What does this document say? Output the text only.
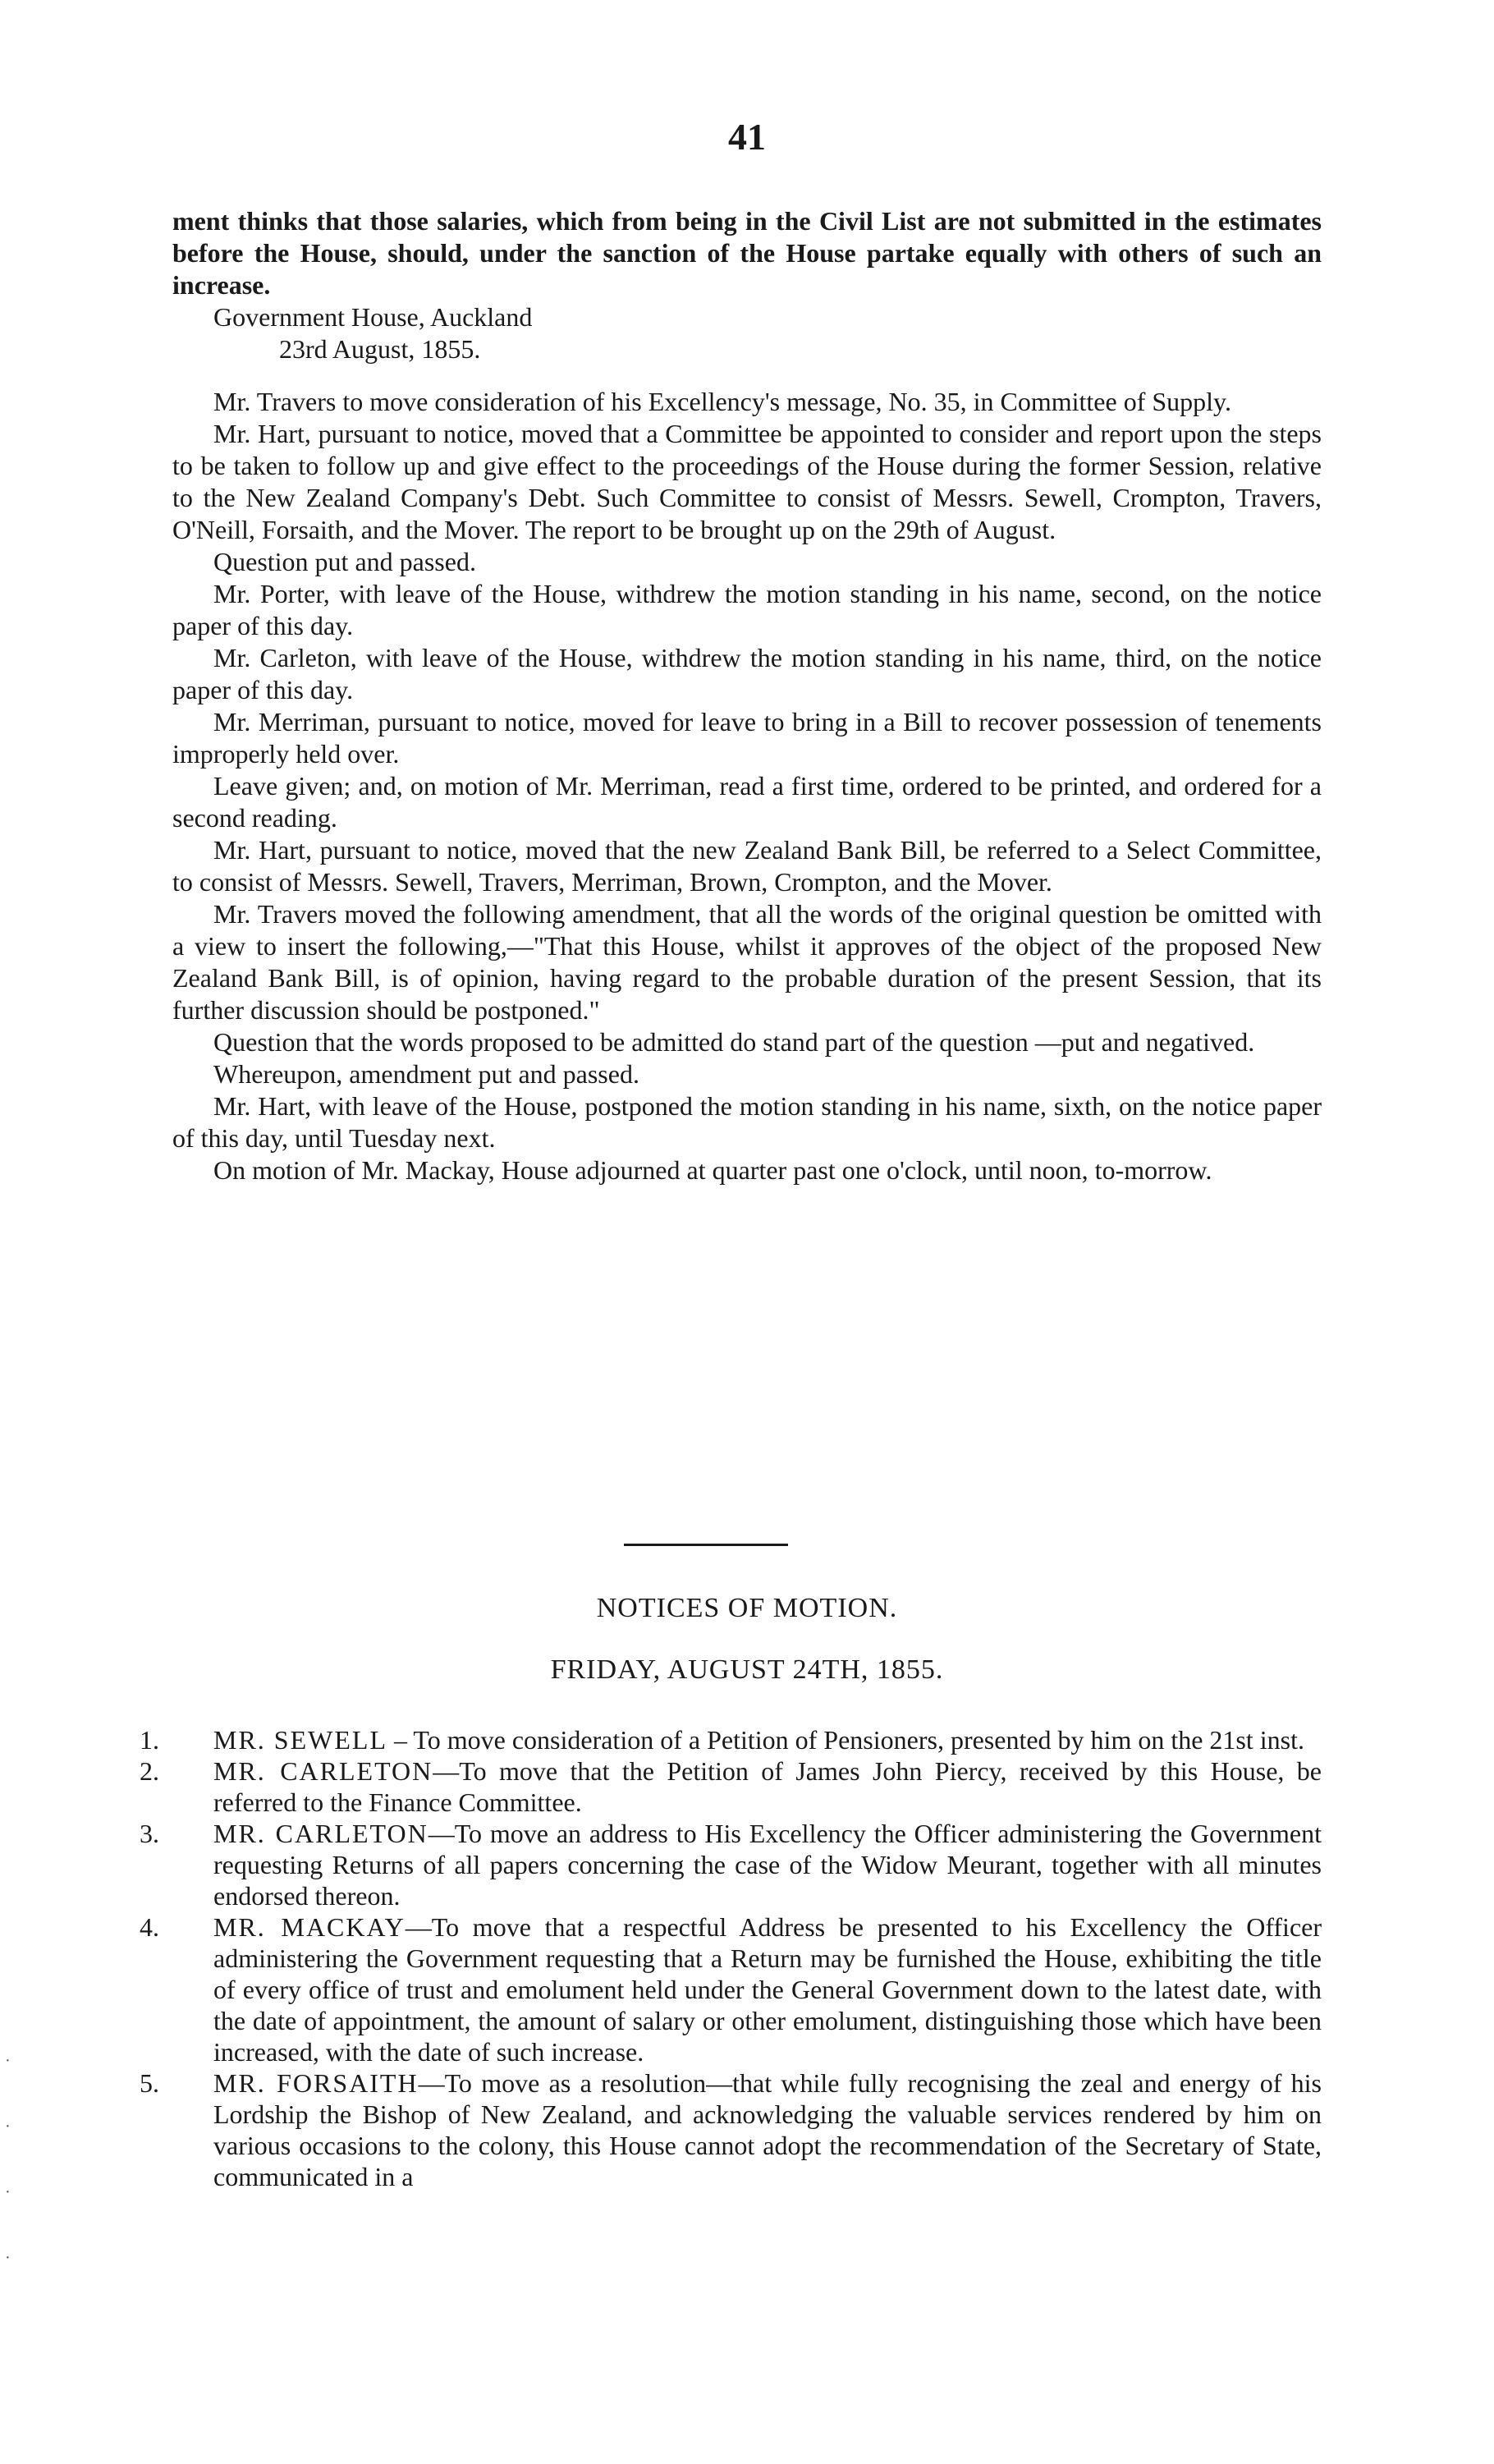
41

ment thinks that those salaries, which from being in the Civil List are not submitted in the estimates before the House, should, under the sanction of the House partake equally with others of such an increase.

Government House, Auckland

23rd August, 1855.

Mr. Travers to move consideration of his Excellency's message, No. 35, in Committee of Supply.

Mr. Hart, pursuant to notice, moved that a Committee be appointed to consider and report upon the steps to be taken to follow up and give effect to the proceedings of the House during the former Session, relative to the New Zealand Company's Debt. Such Committee to consist of Messrs. Sewell, Crompton, Travers, O'Neill, Forsaith, and the Mover. The report to be brought up on the 29th of August.

Question put and passed.

Mr. Porter, with leave of the House, withdrew the motion standing in his name, second, on the notice paper of this day.

Mr. Carleton, with leave of the House, withdrew the motion standing in his name, third, on the notice paper of this day.

Mr. Merriman, pursuant to notice, moved for leave to bring in a Bill to recover possession of tenements improperly held over.

Leave given; and, on motion of Mr. Merriman, read a first time, ordered to be printed, and ordered for a second reading.

Mr. Hart, pursuant to notice, moved that the new Zealand Bank Bill, be referred to a Select Committee, to consist of Messrs. Sewell, Travers, Merriman, Brown, Crompton, and the Mover.

Mr. Travers moved the following amendment, that all the words of the original question be omitted with a view to insert the following,—"That this House, whilst it approves of the object of the proposed New Zealand Bank Bill, is of opinion, having regard to the probable duration of the present Session, that its further discussion should be postponed."

Question that the words proposed to be admitted do stand part of the question —put and negatived.

Whereupon, amendment put and passed.

Mr. Hart, with leave of the House, postponed the motion standing in his name, sixth, on the notice paper of this day, until Tuesday next.

On motion of Mr. Mackay, House adjourned at quarter past one o'clock, until noon, to-morrow.

NOTICES OF MOTION.
FRIDAY, AUGUST 24TH, 1855.

1. MR. SEWELL – To move consideration of a Petition of Pensioners, presented by him on the 21st inst.

2. MR. CARLETON—To move that the Petition of James John Piercy, received by this House, be referred to the Finance Committee.

3. MR. CARLETON—To move an address to His Excellency the Officer administering the Government requesting Returns of all papers concerning the case of the Widow Meurant, together with all minutes endorsed thereon.

4. MR. MACKAY—To move that a respectful Address be presented to his Excellency the Officer administering the Government requesting that a Return may be furnished the House, exhibiting the title of every office of trust and emolument held under the General Government down to the latest date, with the date of appointment, the amount of salary or other emolument, distinguishing those which have been increased, with the date of such increase.

5. MR. FORSAITH—To move as a resolution—that while fully recognising the zeal and energy of his Lordship the Bishop of New Zealand, and acknowledging the valuable services rendered by him on various occasions to the colony, this House cannot adopt the recommendation of the Secretary of State, communicated in a

·
·
·
·
